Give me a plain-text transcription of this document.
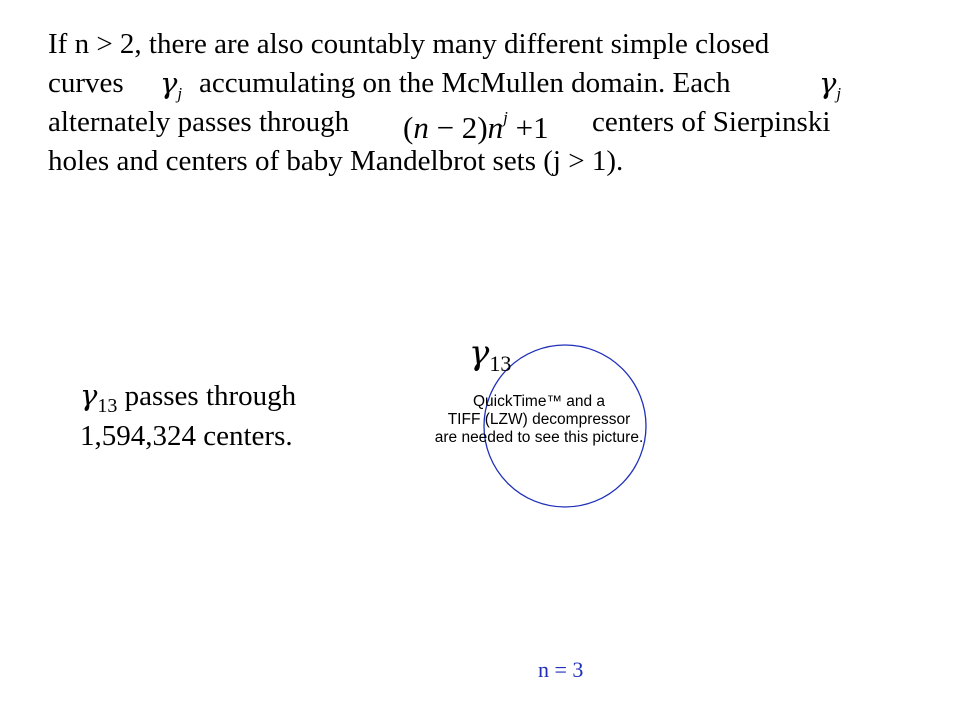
If n > 2, there are also countably many different simple closed
curves $\gamma_j$ accumulating on the McMullen domain. Each	$\gamma_j$
alternately passes through $(n - 2)n^j +1$ centers of Sierpinski
holes and centers of baby Mandelbrot sets (j > 1).
$\gamma_{13}$ passes through
1,594,324 centers.
$\gamma_{13}$
QuickTime™ and a
TIFF (LZW) decompressor
are needed to see this picture.
n = 3
